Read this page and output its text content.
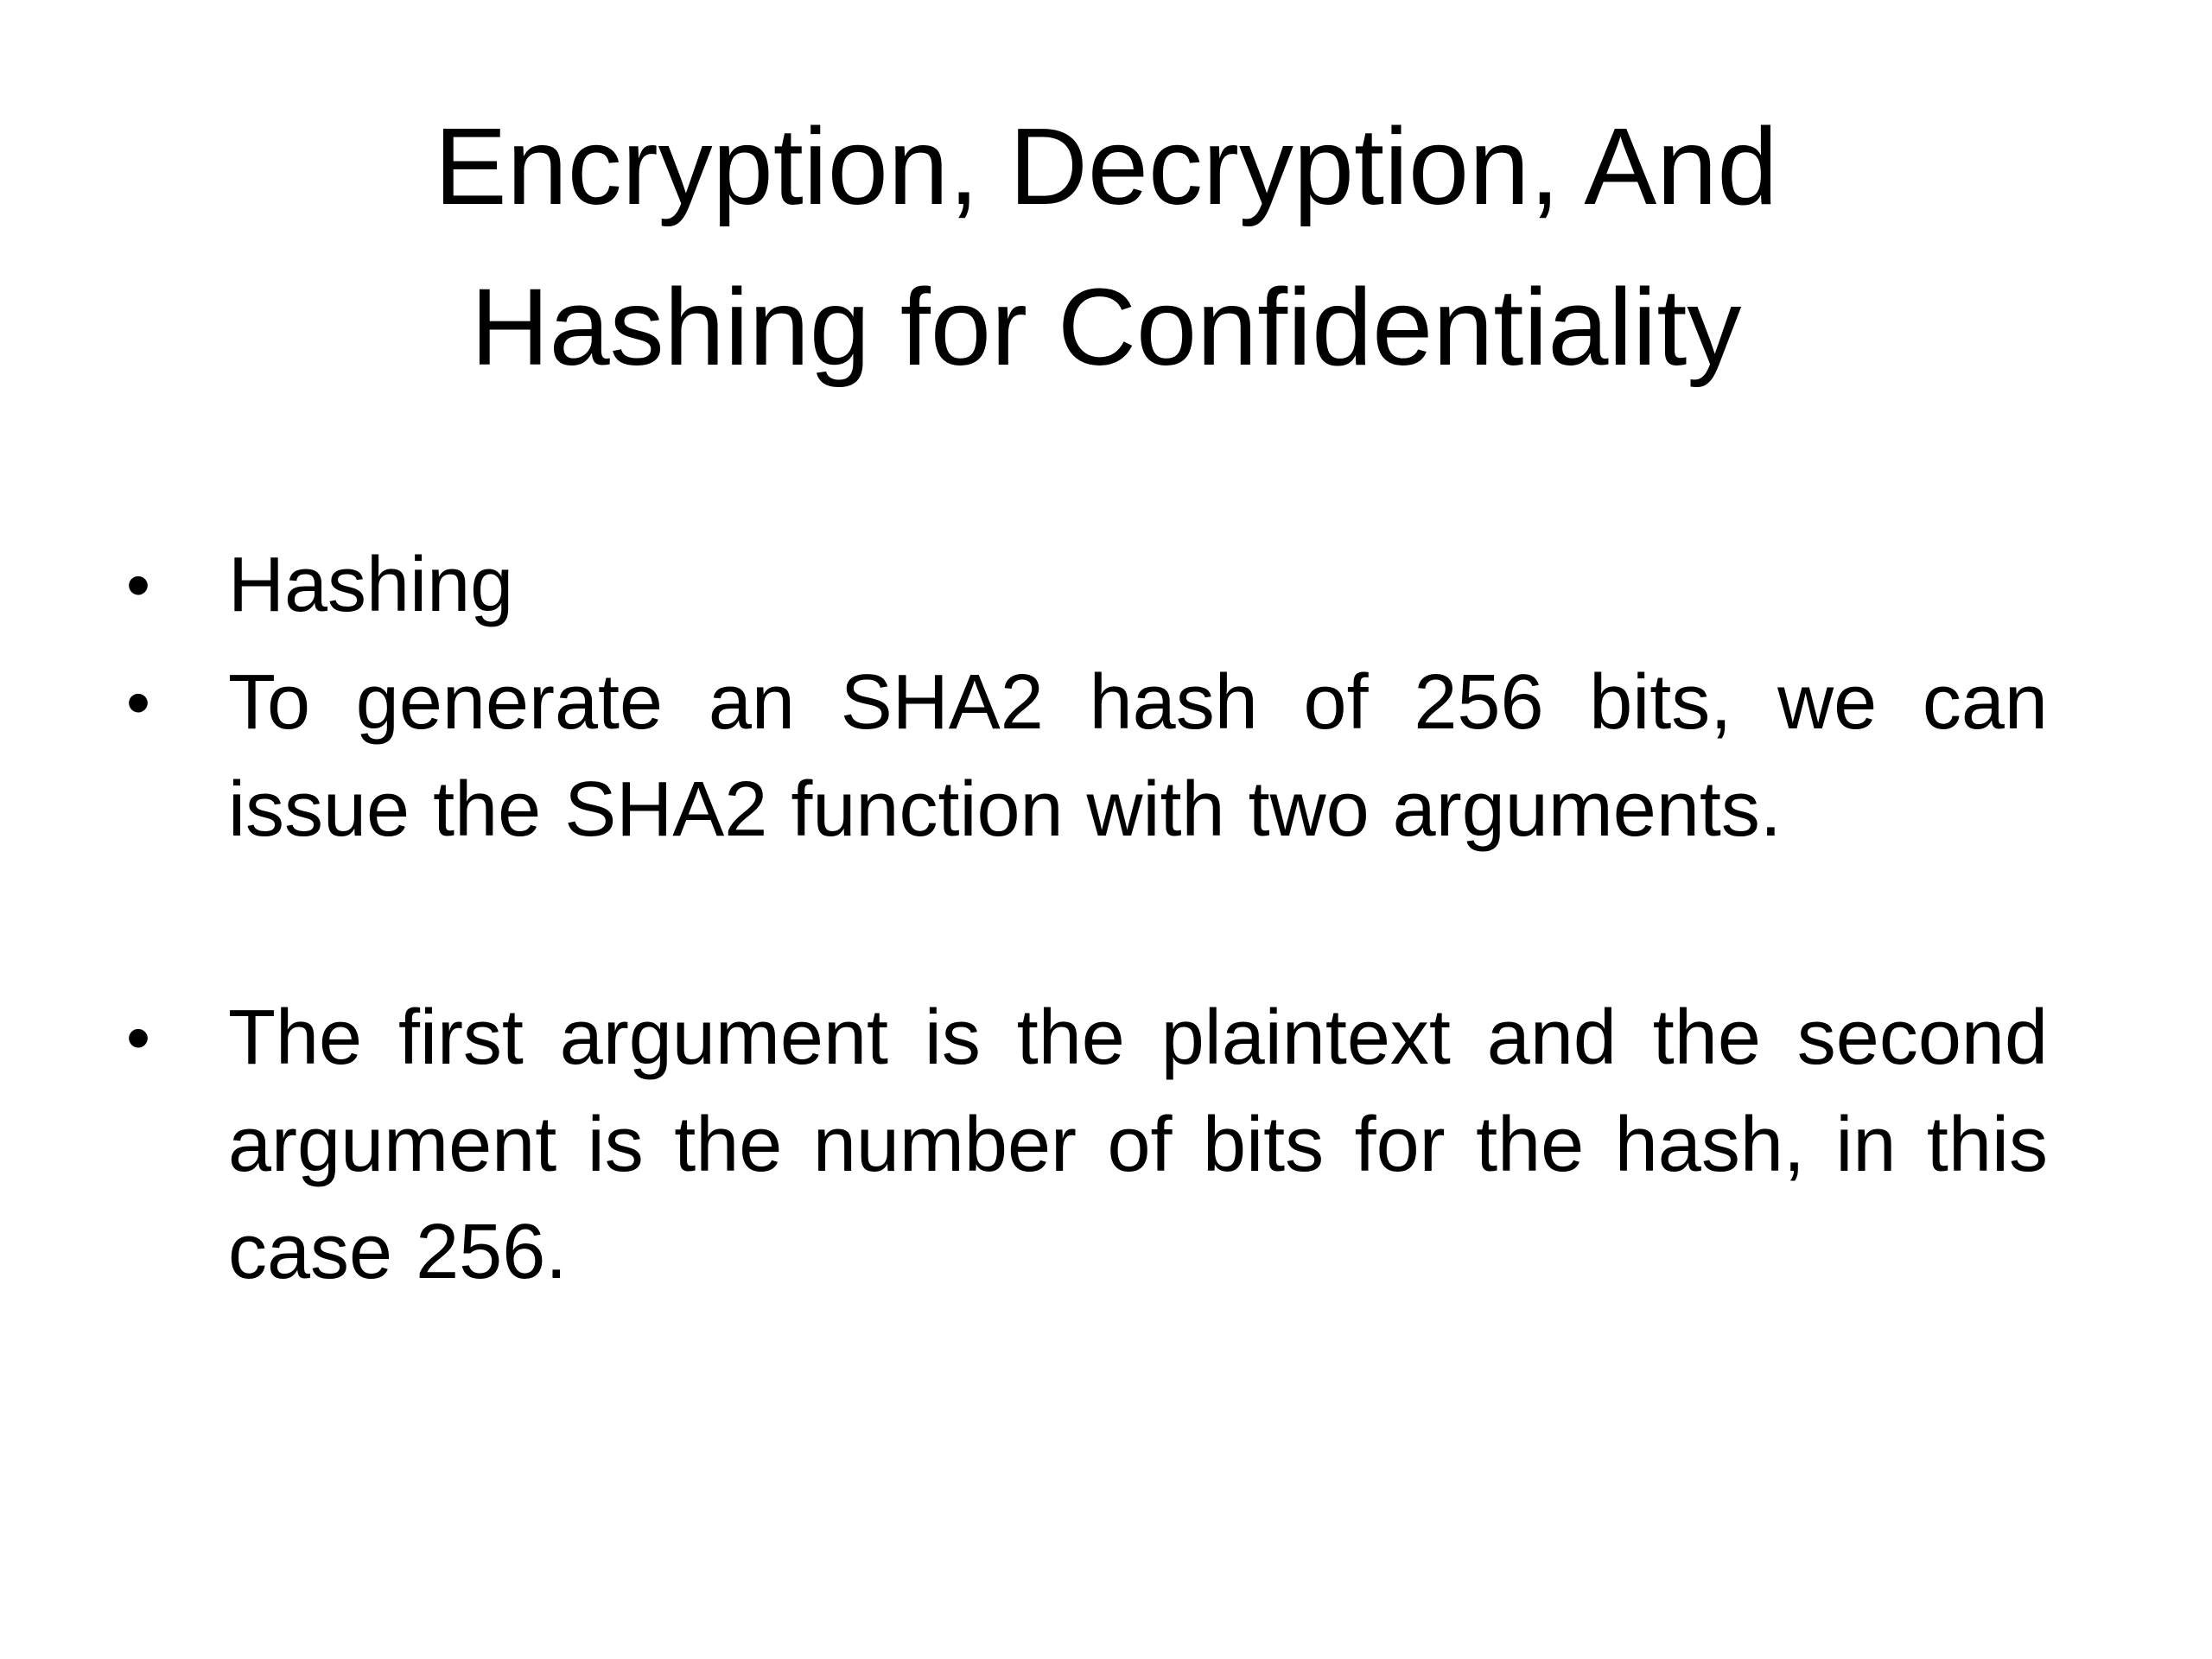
Encryption, Decryption, And
Hashing for Confidentiality
• Hashing
• To generate an SHA2 hash of 256 bits, we can issue the SHA2 function with two arguments.
• The first argument is the plaintext and the second argument is the number of bits for the hash, in this case 256.
